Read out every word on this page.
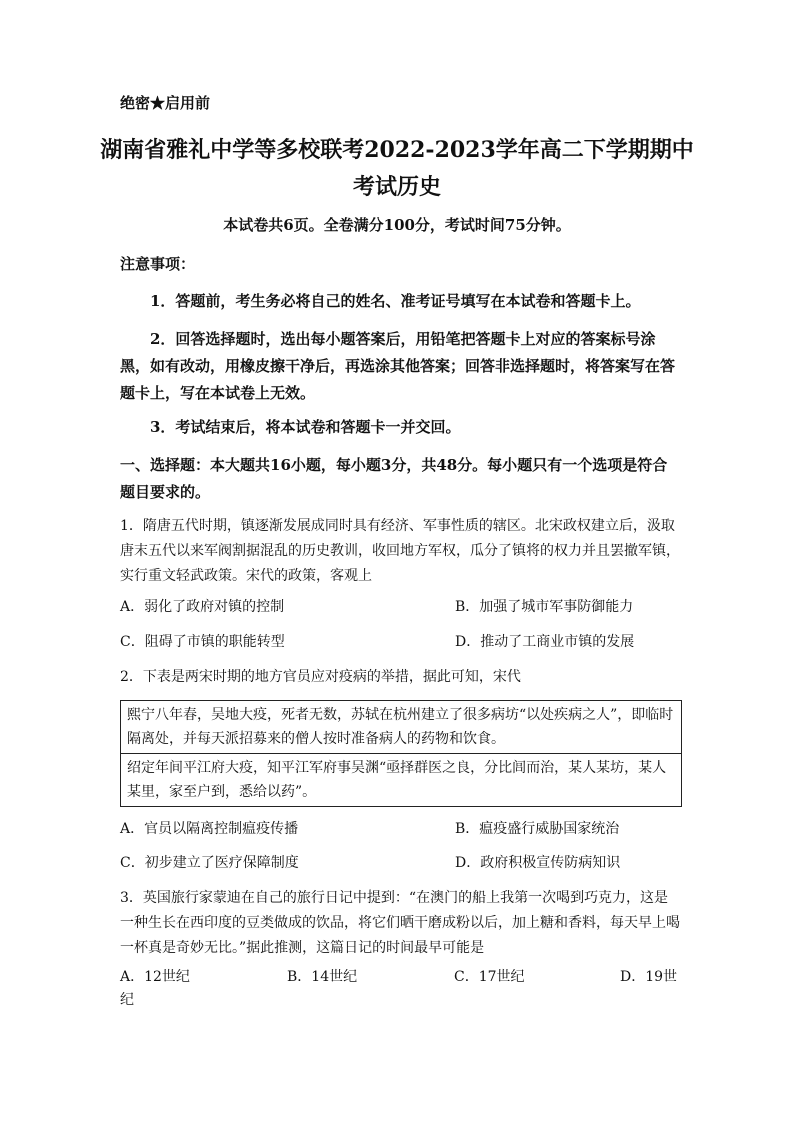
绝密★启用前
湖南省雅礼中学等多校联考2022-2023学年高二下学期期中
考试历史
本试卷共6页。全卷满分100分，考试时间75分钟。
注意事项：
1．答题前，考生务必将自己的姓名、准考证号填写在本试卷和答题卡上。
2．回答选择题时，选出每小题答案后，用铅笔把答题卡上对应的答案标号涂黑，如有改动，用橡皮擦干净后，再选涂其他答案；回答非选择题时，将答案写在答题卡上，写在本试卷上无效。
3．考试结束后，将本试卷和答题卡一并交回。
一、选择题：本大题共16小题，每小题3分，共48分。每小题只有一个选项是符合题目要求的。
1．隋唐五代时期，镇逐渐发展成同时具有经济、军事性质的辖区。北宋政权建立后，汲取唐末五代以来军阀割据混乱的历史教训，收回地方军权，瓜分了镇将的权力并且罢撤军镇，实行重文轻武政策。宋代的政策，客观上
A．弱化了政府对镇的控制	B．加强了城市军事防御能力
C．阻碍了市镇的职能转型	D．推动了工商业市镇的发展
2．下表是两宋时期的地方官员应对疫病的举措，据此可知，宋代
熙宁八年春，吴地大疫，死者无数，苏轼在杭州建立了很多病坊“以处疾病之人”，即临时隔离处，并每天派招募来的僧人按时准备病人的药物和饮食。
绍定年间平江府大疫，知平江军府事吴渊“亟择群医之良，分比闾而治，某人某坊，某人某里，家至户到，悉给以药”。
A．官员以隔离控制瘟疫传播	B．瘟疫盛行威胁国家统治
C．初步建立了医疗保障制度	D．政府积极宣传防病知识
3．英国旅行家蒙迪在自己的旅行日记中提到：“在澳门的船上我第一次喝到巧克力，这是一种生长在西印度的豆类做成的饮品，将它们晒干磨成粉以后，加上糖和香料，每天早上喝一杯真是奇妙无比。”据此推测，这篇日记的时间最早可能是
A．12世纪	B．14世纪	C．17世纪	D．19世
纪
